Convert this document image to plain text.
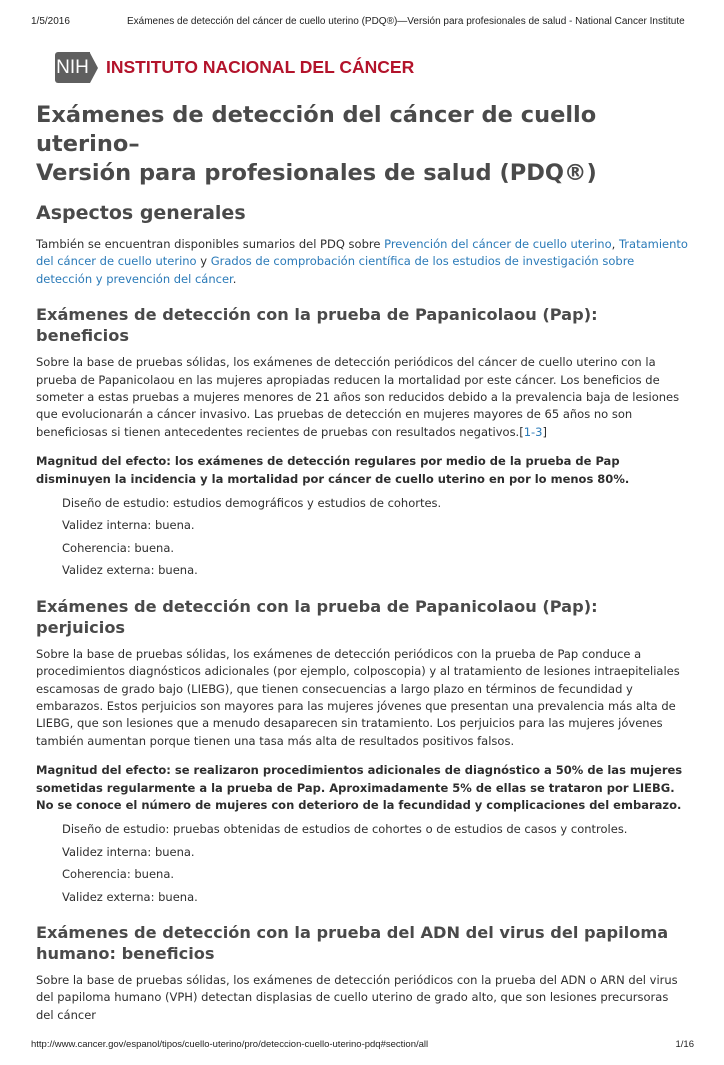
1/5/2016	Exámenes de detección del cáncer de cuello uterino (PDQ®)—Versión para profesionales de salud - National Cancer Institute
NIH INSTITUTO NACIONAL DEL CÁNCER
Exámenes de detección del cáncer de cuello uterino–
Versión para profesionales de salud (PDQ®)
Aspectos generales

También se encuentran disponibles sumarios del PDQ sobre Prevención del cáncer de cuello uterino, Tratamiento del cáncer de cuello uterino y Grados de comprobación científica de los estudios de investigación sobre detección y prevención del cáncer.

Exámenes de detección con la prueba de Papanicolaou (Pap): beneficios

Sobre la base de pruebas sólidas, los exámenes de detección periódicos del cáncer de cuello uterino con la prueba de Papanicolaou en las mujeres apropiadas reducen la mortalidad por este cáncer. Los beneficios de someter a estas pruebas a mujeres menores de 21 años son reducidos debido a la prevalencia baja de lesiones que evolucionarán a cáncer invasivo. Las pruebas de detección en mujeres mayores de 65 años no son beneficiosas si tienen antecedentes recientes de pruebas con resultados negativos.[1-3]

Magnitud del efecto: los exámenes de detección regulares por medio de la prueba de Pap disminuyen la incidencia y la mortalidad por cáncer de cuello uterino en por lo menos 80%.

Diseño de estudio: estudios demográficos y estudios de cohortes.

Validez interna: buena.

Coherencia: buena.

Validez externa: buena.

Exámenes de detección con la prueba de Papanicolaou (Pap): perjuicios

Sobre la base de pruebas sólidas, los exámenes de detección periódicos con la prueba de Pap conduce a procedimientos diagnósticos adicionales (por ejemplo, colposcopia) y al tratamiento de lesiones intraepiteliales escamosas de grado bajo (LIEBG), que tienen consecuencias a largo plazo en términos de fecundidad y embarazos. Estos perjuicios son mayores para las mujeres jóvenes que presentan una prevalencia más alta de LIEBG, que son lesiones que a menudo desaparecen sin tratamiento. Los perjuicios para las mujeres jóvenes también aumentan porque tienen una tasa más alta de resultados positivos falsos.

Magnitud del efecto: se realizaron procedimientos adicionales de diagnóstico a 50% de las mujeres sometidas regularmente a la prueba de Pap. Aproximadamente 5% de ellas se trataron por LIEBG. No se conoce el número de mujeres con deterioro de la fecundidad y complicaciones del embarazo.

Diseño de estudio: pruebas obtenidas de estudios de cohortes o de estudios de casos y controles.

Validez interna: buena.

Coherencia: buena.

Validez externa: buena.

Exámenes de detección con la prueba del ADN del virus del papiloma humano: beneficios

Sobre la base de pruebas sólidas, los exámenes de detección periódicos con la prueba del ADN o ARN del virus del papiloma humano (VPH) detectan displasias de cuello uterino de grado alto, que son lesiones precursoras del cáncer

http://www.cancer.gov/espanol/tipos/cuello-uterino/pro/deteccion-cuello-uterino-pdq#section/all	1/16
